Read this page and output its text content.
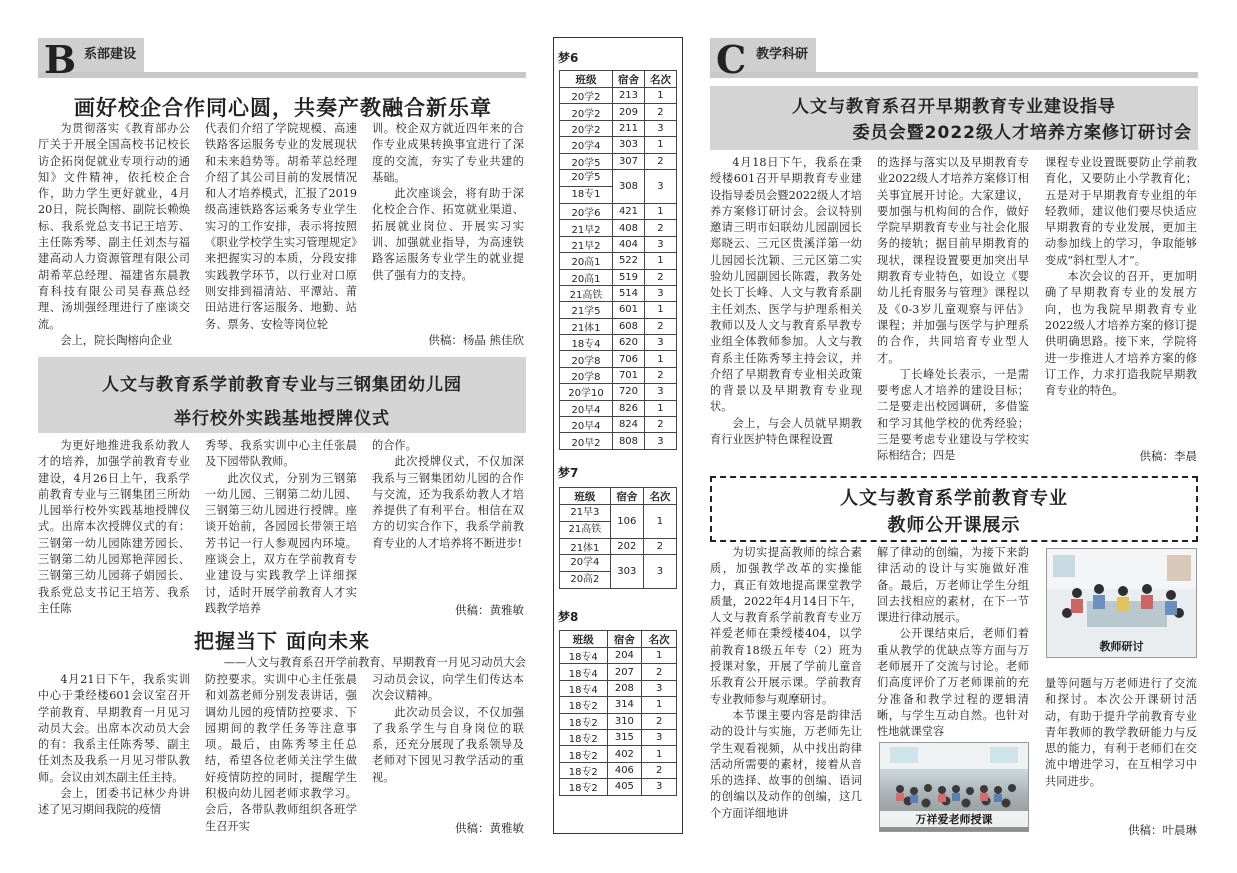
B 系部建设
画好校企合作同心圆，共奏产教融合新乐章

为贯彻落实《教育部办公厅关于开展全国高校书记校长访企拓岗促就业专项行动的通知》文件精神，依托校企合作，助力学生更好就业，4月20日，院长陶榕、副院长赖焕标、我系党总支书记王培芳、主任陈秀琴、副主任刘杰与福建高动人力资源管理有限公司胡希苹总经理、福建省东晨教育科技有限公司吴春燕总经理、汤圳强经理进行了座谈交流。

会上，院长陶榕向企业

代表们介绍了学院规模、高速铁路客运服务专业的发展现状和未来趋势等。胡希苹总经理介绍了其公司目前的发展情况和人才培养模式，汇报了2019级高速铁路客运乘务专业学生实习的工作安排，表示将按照《职业学校学生实习管理规定》来把握实习的本质，分段安排实践教学环节，以行业对口原则安排到福清站、平潭站、莆田站进行客运服务、地勤、站务、票务、安检等岗位轮

训。校企双方就近四年来的合作专业成果转换事宜进行了深度的交流，夯实了专业共建的基础。

此次座谈会，将有助于深化校企合作、拓宽就业渠道、拓展就业岗位、开展实习实训、加强就业指导，为高速铁路客运服务专业学生的就业提供了强有力的支持。

供稿：杨晶 熊佳欣
人文与教育系学前教育专业与三钢集团幼儿园
举行校外实践基地授牌仪式

为更好地推进我系幼教人才的培养，加强学前教育专业建设，4月26日上午，我系学前教育专业与三钢集团三所幼儿园举行校外实践基地授牌仪式。出席本次授牌仪式的有：三钢第一幼儿园陈建芳园长、三钢第二幼儿园郑艳萍园长、三钢第三幼儿园蒋子娟园长、我系党总支书记王培芳、我系主任陈

秀琴、我系实训中心主任张晨及下园带队教师。

此次仪式，分别为三钢第一幼儿园、三钢第二幼儿园、三钢第三幼儿园进行授牌。座谈开始前，各园园长带领王培芳书记一行人参观园内环境。座谈会上，双方在学前教育专业建设与实践教学上详细探讨，适时开展学前教育人才实践教学培养

的合作。

此次授牌仪式，不仅加深我系与三钢集团幼儿园的合作与交流，还为我系幼教人才培养提供了有利平台。相信在双方的切实合作下，我系学前教育专业的人才培养将不断进步!

供稿：黄雅敏
把握当下 面向未来
——人文与教育系召开学前教育、早期教育一月见习动员大会

4月21日下午，我系实训中心于秉经楼601会议室召开学前教育、早期教育一月见习动员大会。出席本次动员大会的有：我系主任陈秀琴、副主任刘杰及我系一月见习带队教师。会议由刘杰副主任主持。

会上，团委书记林少舟讲述了见习期间我院的疫情

防控要求。实训中心主任张晨和刘荔老师分别发表讲话，强调幼儿园的疫情防控要求、下园期间的教学任务等注意事项。最后，由陈秀琴主任总结，希望各位老师关注学生做好疫情防控的同时，提醒学生积极向幼儿园老师求教学习。会后，各带队教师组织各班学生召开实

习动员会议，向学生们传达本次会议精神。

此次动员会议，不仅加强了我系学生与自身岗位的联系，还充分展现了我系领导及老师对下园见习教学活动的重视。

供稿：黄雅敏
梦6
班级	宿舍	名次
20学2	213	1
20学2	209	2
20学2	211	3
20学4	303	1
20学5	307	2

20学5
18专1	308	3
20学6	421	1
21早2	408	2
21早2	404	3
20高1	522	1
20高1	519	2
21高铁	514	3
21学5	601	1
21体1	608	2
18专4	620	3
20学8	706	1
20学8	701	2
20学10	720	3
20早4	826	1
20早4	824	2
20早2	808	3
梦7
班级	宿舍	名次

21早3
21高铁	106	1
21体1	202	2

20学4
20高2	303	3
梦8
班级	宿舍	名次
18专4	204	1
18专4	207	2
18专4	208	3
18专2	314	1
18专2	310	2
18专2	315	3
18专2	402	1
18专2	406	2
18专2	405	3
C 教学科研
人文与教育系召开早期教育专业建设指导
委员会暨2022级人才培养方案修订研讨会

4月18日下午，我系在秉绶楼601召开早期教育专业建设指导委员会暨2022级人才培养方案修订研讨会。会议特别邀请三明市妇联幼儿园副园长郑晓云、三元区贵溪洋第一幼儿园园长沈颖、三元区第二实验幼儿园副园长陈霞，教务处处长丁长峰、人文与教育系副主任刘杰、医学与护理系相关教师以及人文与教育系早教专业组全体教师参加。人文与教育系主任陈秀琴主持会议，并介绍了早期教育专业相关政策的背景以及早期教育专业现状。

会上，与会人员就早期教育行业医护特色课程设置

的选择与落实以及早期教育专业2022级人才培养方案修订相关事宜展开讨论。大家建议，要加强与机构间的合作，做好学院早期教育专业与社会化服务的接轨；据目前早期教育的现状，课程设置要更加突出早期教育专业特色，如设立《婴幼儿托育服务与管理》课程以及《0-3岁儿童观察与评估》课程；并加强与医学与护理系的合作，共同培育专业型人才。

丁长峰处长表示，一是需要考虑人才培养的建设目标；二是要走出校园调研，多借鉴和学习其他学校的优秀经验；三是要考虑专业建设与学校实际相结合；四是

课程专业设置既要防止学前教育化，又要防止小学教育化；五是对于早期教育专业组的年轻教师，建议他们要尽快适应早期教育的专业发展，更加主动参加线上的学习，争取能够变成“斜杠型人才”。

本次会议的召开，更加明确了早期教育专业的发展方向，也为我院早期教育专业2022级人才培养方案的修订提供明确思路。接下来，学院将进一步推进人才培养方案的修订工作，力求打造我院早期教育专业的特色。

供稿：李晨
人文与教育系学前教育专业
教师公开课展示

为切实提高教师的综合素质，加强教学改革的实操能力，真正有效地提高课堂教学质量，2022年4月14日下午，人文与教育系学前教育专业万祥爱老师在秉绶楼404，以学前教育18级五年专（2）班为授课对象，开展了学前儿童音乐教育公开展示课。学前教育专业教师参与观摩研讨。

本节课主要内容是韵律活动的设计与实施，万老师先让学生观看视频，从中找出韵律活动所需要的素材，接着从音乐的选择、故事的创编、语词的创编以及动作的创编，这几个方面详细地讲

解了律动的创编，为接下来韵律活动的设计与实施做好准备。最后，万老师让学生分组回去找相应的素材，在下一节课进行律动展示。

公开课结束后，老师们着重从教学的优缺点等方面与万老师展开了交流与讨论。老师们高度评价了万老师课前的充分准备和教学过程的逻辑清晰，与学生互动自然。也针对性地就课堂容

万祥爱老师授课
教师研讨

量等问题与万老师进行了交流和探讨。本次公开课研讨活动，有助于提升学前教育专业青年教师的教学教研能力与反思的能力，有利于老师们在交流中增进学习，在互相学习中共同进步。

供稿：叶晨琳
